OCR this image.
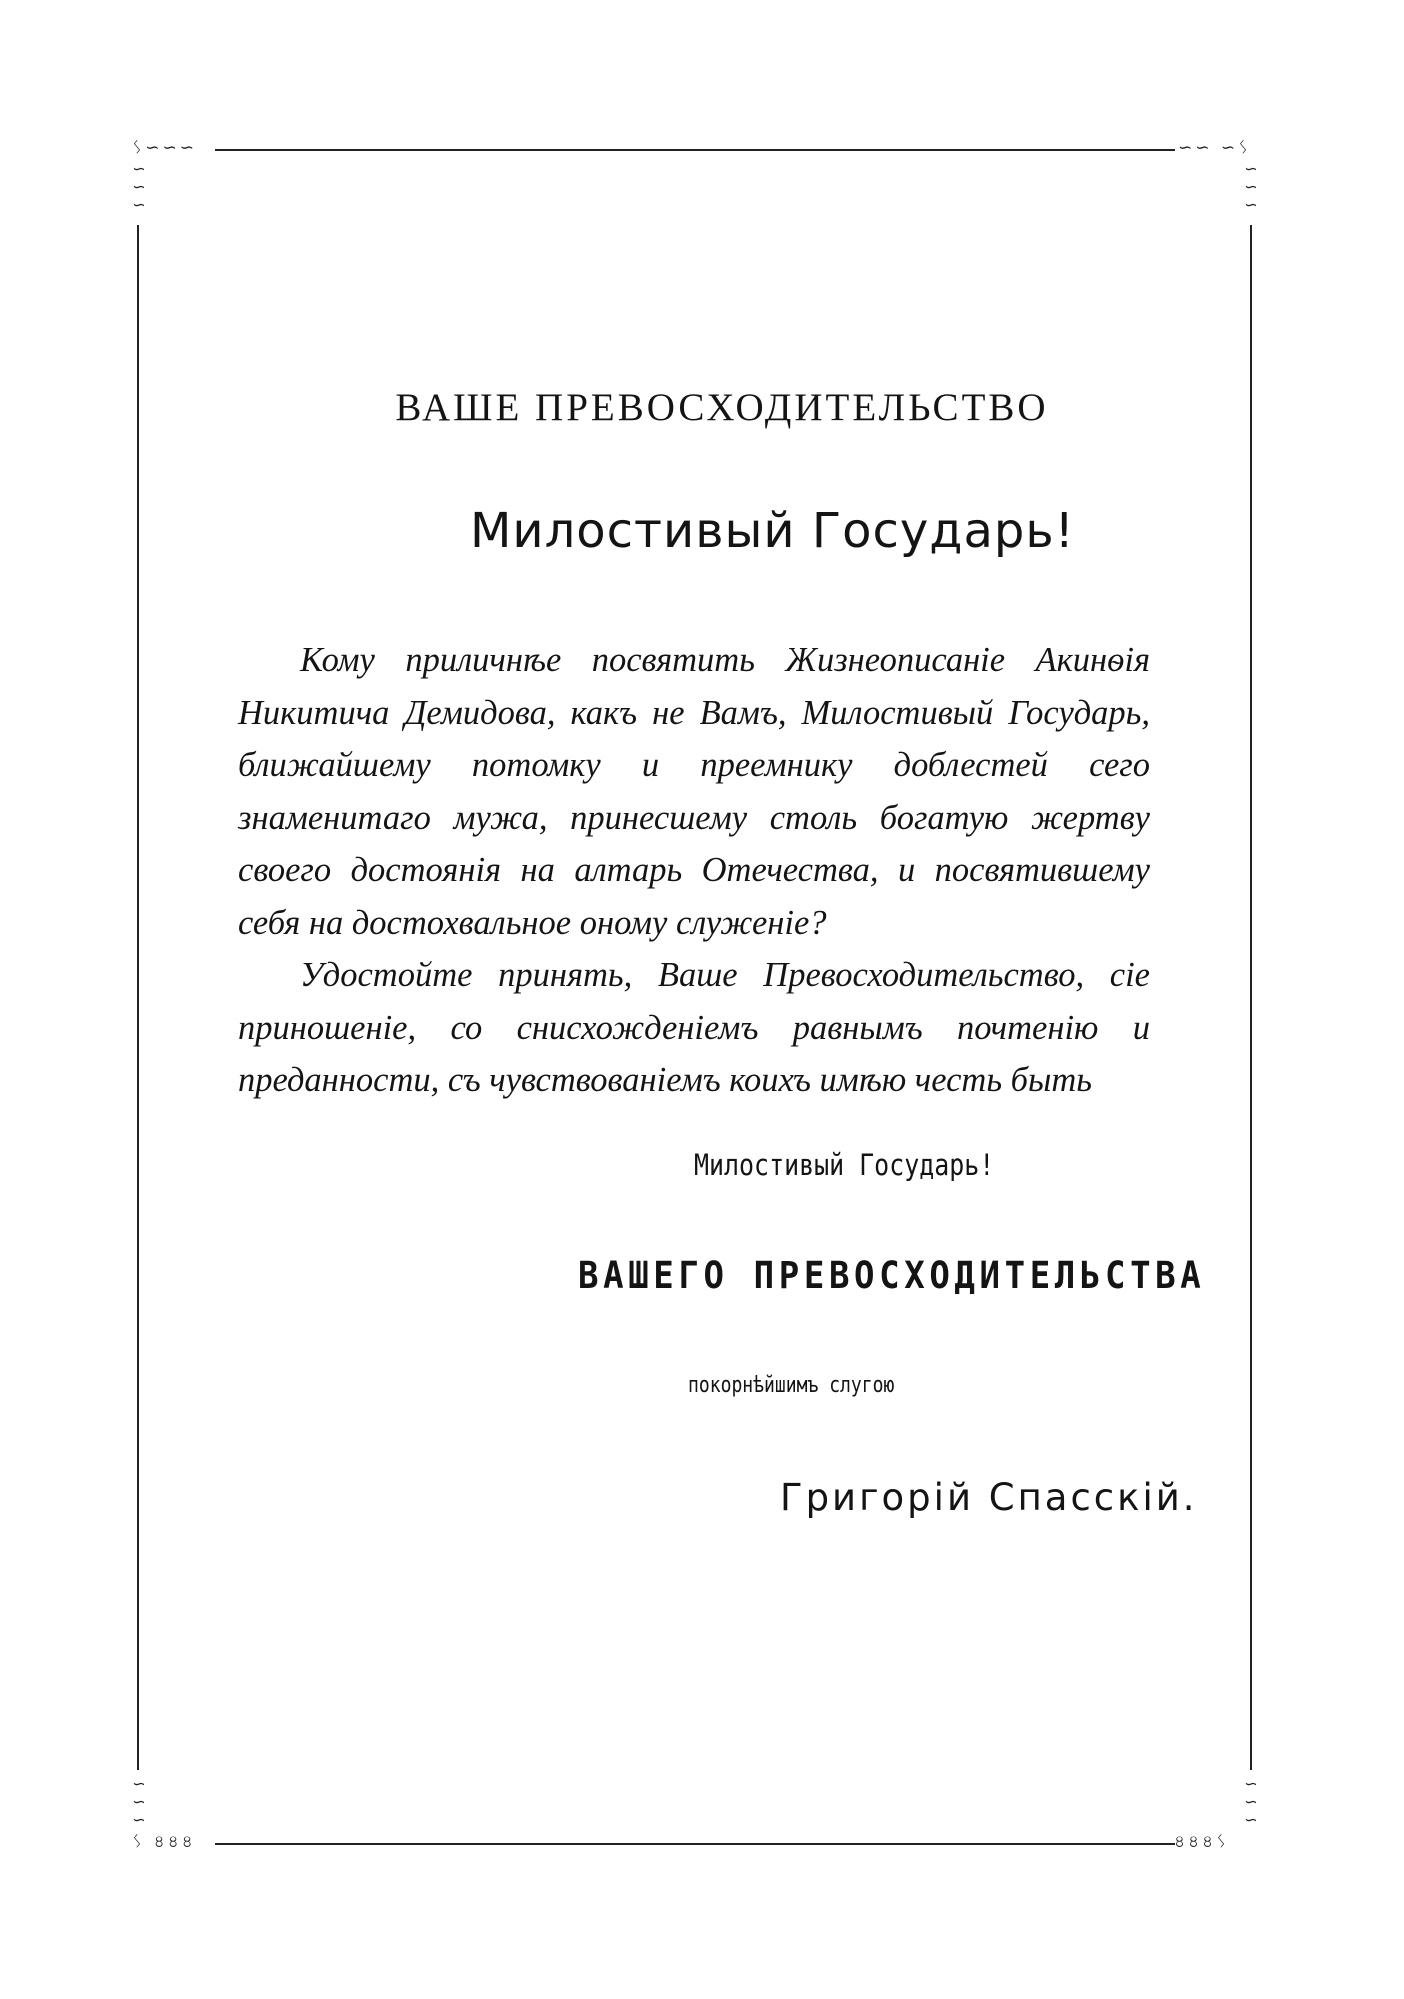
ᛊ∽∽∽	∽∽ ∽ᛊ
ᛊ ৪৪৪	৪৪৪ᛊ
∽
∽
∽
∽
∽
∽
∽
∽
∽
∽
∽
∽
ВАШЕ ПРЕВОСХОДИТЕЛЬСТВО
Милостивый Государь!

Кому приличнѣе посвятить Жизнеописаніе Акинѳія Никитича Демидова, какъ не Вамъ, Милостивый Государь, ближайшему потомку и преемнику доблестей сего знаменитаго мужа, принесшему столь богатую жертву своего достоянія на алтарь Отечества, и посвятившему себя на достохвальное оному служеніе?

Удостойте принять, Ваше Превосходительство, сіе приношеніе, со снисхожденіемъ равнымъ почтенію и преданности, съ чувствованіемъ коихъ имѣю честь быть

Милостивый Государь!
ВАШЕГО ПРЕВОСХОДИТЕЛЬСТВА
покорнѣйшимъ слугою
Григорій Спасскій.
